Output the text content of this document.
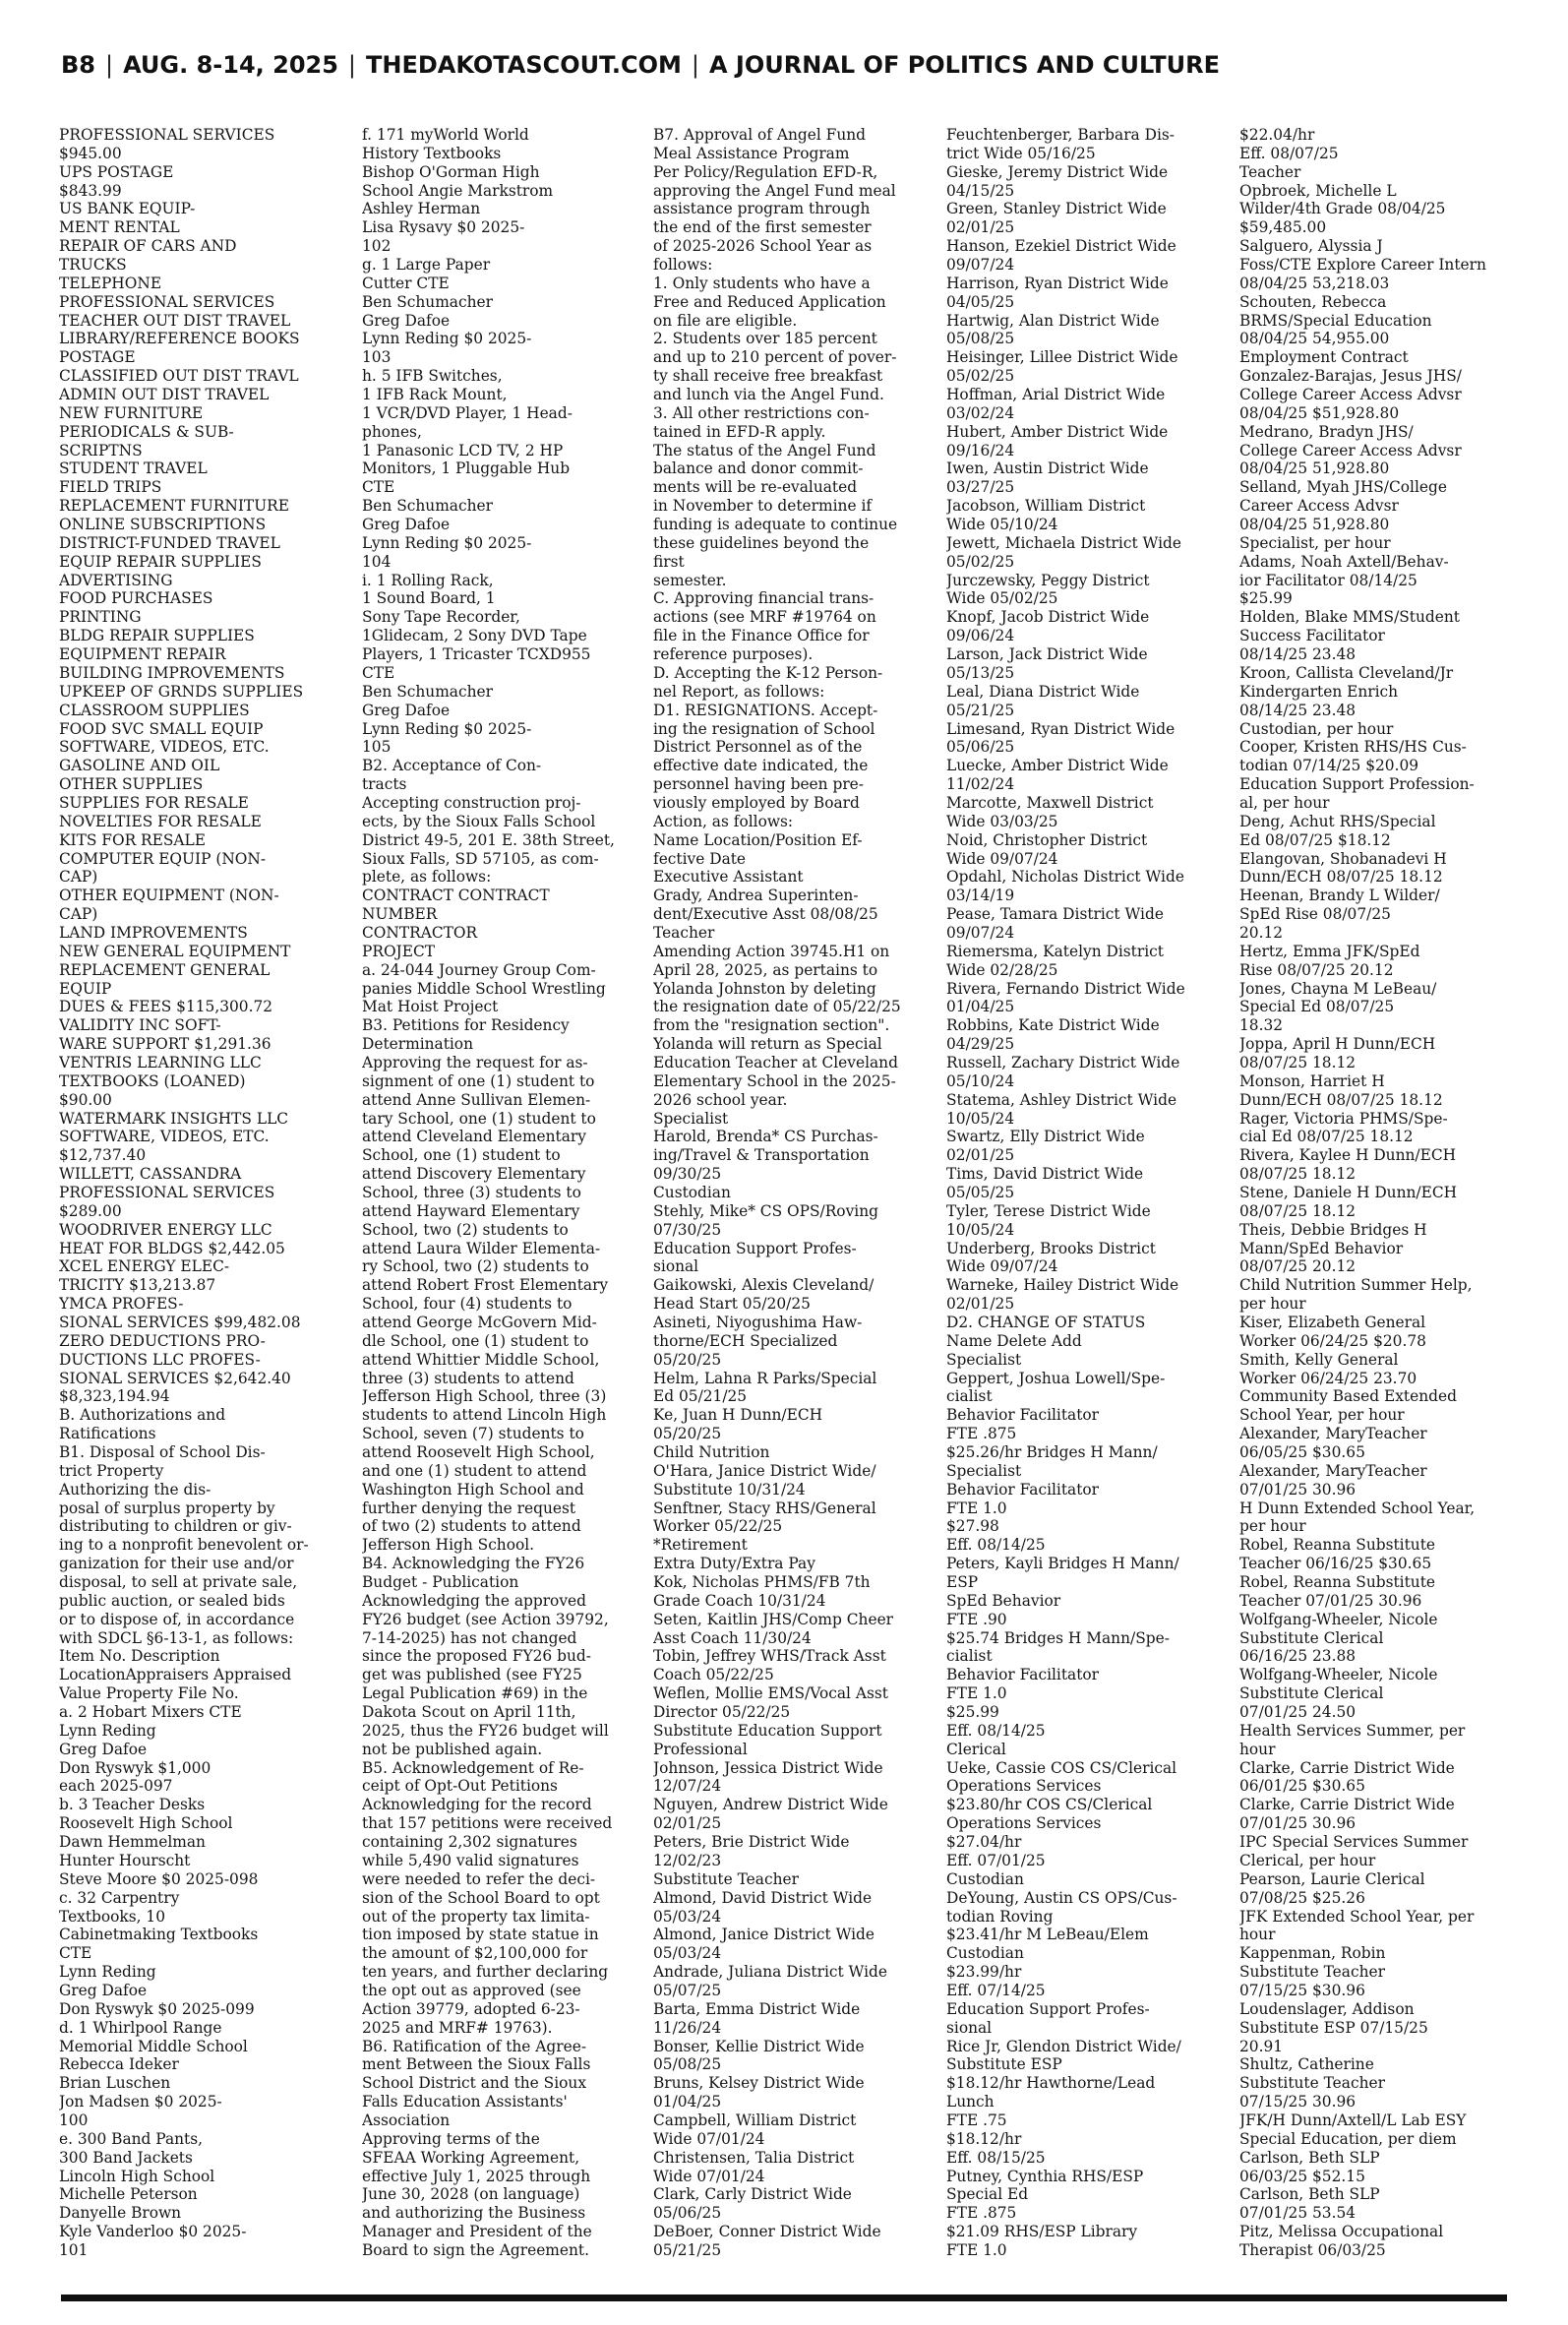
B8 | AUG. 8-14, 2025 | THEDAKOTASCOUT.COM | A JOURNAL OF POLITICS AND CULTURE
PROFESSIONAL SERVICES
$945.00
UPS POSTAGE
$843.99
US BANK EQUIP-
MENT RENTAL
REPAIR OF CARS AND
TRUCKS
TELEPHONE
PROFESSIONAL SERVICES
TEACHER OUT DIST TRAVEL
LIBRARY/REFERENCE BOOKS
POSTAGE
CLASSIFIED OUT DIST TRAVL
ADMIN OUT DIST TRAVEL
NEW FURNITURE
PERIODICALS & SUB-
SCRIPTNS
STUDENT TRAVEL
FIELD TRIPS
REPLACEMENT FURNITURE
ONLINE SUBSCRIPTIONS
DISTRICT-FUNDED TRAVEL
EQUIP REPAIR SUPPLIES
ADVERTISING
FOOD PURCHASES
PRINTING
BLDG REPAIR SUPPLIES
EQUIPMENT REPAIR
BUILDING IMPROVEMENTS
UPKEEP OF GRNDS SUPPLIES
CLASSROOM SUPPLIES
FOOD SVC SMALL EQUIP
SOFTWARE, VIDEOS, ETC.
GASOLINE AND OIL
OTHER SUPPLIES
SUPPLIES FOR RESALE
NOVELTIES FOR RESALE
KITS FOR RESALE
COMPUTER EQUIP (NON-
CAP)
OTHER EQUIPMENT (NON-
CAP)
LAND IMPROVEMENTS
NEW GENERAL EQUIPMENT
REPLACEMENT GENERAL
EQUIP
DUES & FEES $115,300.72
VALIDITY INC SOFT-
WARE SUPPORT $1,291.36
VENTRIS LEARNING LLC
TEXTBOOKS (LOANED)
$90.00
WATERMARK INSIGHTS LLC
SOFTWARE, VIDEOS, ETC.
$12,737.40
WILLETT, CASSANDRA
PROFESSIONAL SERVICES
$289.00
WOODRIVER ENERGY LLC
HEAT FOR BLDGS $2,442.05
XCEL ENERGY ELEC-
TRICITY $13,213.87
YMCA PROFES-
SIONAL SERVICES $99,482.08
ZERO DEDUCTIONS PRO-
DUCTIONS LLC PROFES-
SIONAL SERVICES $2,642.40
$8,323,194.94
B. Authorizations and
Ratifications
B1. Disposal of School Dis-
trict Property
Authorizing the dis-
posal of surplus property by
distributing to children or giv-
ing to a nonprofit benevolent or-
ganization for their use and/or
disposal, to sell at private sale,
public auction, or sealed bids
or to dispose of, in accordance
with SDCL §6-13-1, as follows:
Item No. Description
LocationAppraisers Appraised
Value Property File No.
a. 2 Hobart Mixers CTE
Lynn Reding
Greg Dafoe
Don Ryswyk $1,000
each 2025-097
b. 3 Teacher Desks
Roosevelt High School
Dawn Hemmelman
Hunter Hourscht
Steve Moore $0 2025-098
c. 32 Carpentry
Textbooks, 10
Cabinetmaking Textbooks
CTE
Lynn Reding
Greg Dafoe
Don Ryswyk $0 2025-099
d. 1 Whirlpool Range
Memorial Middle School
Rebecca Ideker
Brian Luschen
Jon Madsen $0 2025-
100
e. 300 Band Pants,
300 Band Jackets
Lincoln High School
Michelle Peterson
Danyelle Brown
Kyle Vanderloo $0 2025-
101
f. 171 myWorld World
History Textbooks
Bishop O'Gorman High
School Angie Markstrom
Ashley Herman
Lisa Rysavy $0 2025-
102
g. 1 Large Paper
Cutter CTE
Ben Schumacher
Greg Dafoe
Lynn Reding $0 2025-
103
h. 5 IFB Switches,
1 IFB Rack Mount,
1 VCR/DVD Player, 1 Head-
phones,
1 Panasonic LCD TV, 2 HP
Monitors, 1 Pluggable Hub
CTE
Ben Schumacher
Greg Dafoe
Lynn Reding $0 2025-
104
i. 1 Rolling Rack,
1 Sound Board, 1
Sony Tape Recorder,
1Glidecam, 2 Sony DVD Tape
Players, 1 Tricaster TCXD955
CTE
Ben Schumacher
Greg Dafoe
Lynn Reding $0 2025-
105
B2. Acceptance of Con-
tracts
Accepting construction proj-
ects, by the Sioux Falls School
District 49-5, 201 E. 38th Street,
Sioux Falls, SD 57105, as com-
plete, as follows:
CONTRACT CONTRACT
NUMBER
CONTRACTOR
PROJECT
a. 24-044 Journey Group Com-
panies Middle School Wrestling
Mat Hoist Project
B3. Petitions for Residency
Determination
Approving the request for as-
signment of one (1) student to
attend Anne Sullivan Elemen-
tary School, one (1) student to
attend Cleveland Elementary
School, one (1) student to
attend Discovery Elementary
School, three (3) students to
attend Hayward Elementary
School, two (2) students to
attend Laura Wilder Elementa-
ry School, two (2) students to
attend Robert Frost Elementary
School, four (4) students to
attend George McGovern Mid-
dle School, one (1) student to
attend Whittier Middle School,
three (3) students to attend
Jefferson High School, three (3)
students to attend Lincoln High
School, seven (7) students to
attend Roosevelt High School,
and one (1) student to attend
Washington High School and
further denying the request
of two (2) students to attend
Jefferson High School.
B4. Acknowledging the FY26
Budget - Publication
Acknowledging the approved
FY26 budget (see Action 39792,
7-14-2025) has not changed
since the proposed FY26 bud-
get was published (see FY25
Legal Publication #69) in the
Dakota Scout on April 11th,
2025, thus the FY26 budget will
not be published again.
B5. Acknowledgement of Re-
ceipt of Opt-Out Petitions
Acknowledging for the record
that 157 petitions were received
containing 2,302 signatures
while 5,490 valid signatures
were needed to refer the deci-
sion of the School Board to opt
out of the property tax limita-
tion imposed by state statue in
the amount of $2,100,000 for
ten years, and further declaring
the opt out as approved (see
Action 39779, adopted 6-23-
2025 and MRF# 19763).
B6. Ratification of the Agree-
ment Between the Sioux Falls
School District and the Sioux
Falls Education Assistants'
Association
Approving terms of the
SFEAA Working Agreement,
effective July 1, 2025 through
June 30, 2028 (on language)
and authorizing the Business
Manager and President of the
Board to sign the Agreement.
B7. Approval of Angel Fund
Meal Assistance Program
Per Policy/Regulation EFD-R,
approving the Angel Fund meal
assistance program through
the end of the first semester
of 2025-2026 School Year as
follows:
1. Only students who have a
Free and Reduced Application
on file are eligible.
2. Students over 185 percent
and up to 210 percent of pover-
ty shall receive free breakfast
and lunch via the Angel Fund.
3. All other restrictions con-
tained in EFD-R apply.
The status of the Angel Fund
balance and donor commit-
ments will be re-evaluated
in November to determine if
funding is adequate to continue
these guidelines beyond the
first
semester.
C. Approving financial trans-
actions (see MRF #19764 on
file in the Finance Office for
reference purposes).
D. Accepting the K-12 Person-
nel Report, as follows:
D1. RESIGNATIONS. Accept-
ing the resignation of School
District Personnel as of the
effective date indicated, the
personnel having been pre-
viously employed by Board
Action, as follows:
Name Location/Position Ef-
fective Date
Executive Assistant
Grady, Andrea Superinten-
dent/Executive Asst 08/08/25
Teacher
Amending Action 39745.H1 on
April 28, 2025, as pertains to
Yolanda Johnston by deleting
the resignation date of 05/22/25
from the "resignation section".
Yolanda will return as Special
Education Teacher at Cleveland
Elementary School in the 2025-
2026 school year.
Specialist
Harold, Brenda* CS Purchas-
ing/Travel & Transportation
09/30/25
Custodian
Stehly, Mike* CS OPS/Roving
07/30/25
Education Support Profes-
sional
Gaikowski, Alexis Cleveland/
Head Start 05/20/25
Asineti, Niyogushima Haw-
thorne/ECH Specialized
05/20/25
Helm, Lahna R Parks/Special
Ed 05/21/25
Ke, Juan H Dunn/ECH
05/20/25
Child Nutrition
O'Hara, Janice District Wide/
Substitute 10/31/24
Senftner, Stacy RHS/General
Worker 05/22/25
*Retirement
Extra Duty/Extra Pay
Kok, Nicholas PHMS/FB 7th
Grade Coach 10/31/24
Seten, Kaitlin JHS/Comp Cheer
Asst Coach 11/30/24
Tobin, Jeffrey WHS/Track Asst
Coach 05/22/25
Weflen, Mollie EMS/Vocal Asst
Director 05/22/25
Substitute Education Support
Professional
Johnson, Jessica District Wide
12/07/24
Nguyen, Andrew District Wide
02/01/25
Peters, Brie District Wide
12/02/23
Substitute Teacher
Almond, David District Wide
05/03/24
Almond, Janice District Wide
05/03/24
Andrade, Juliana District Wide
05/07/25
Barta, Emma District Wide
11/26/24
Bonser, Kellie District Wide
05/08/25
Bruns, Kelsey District Wide
01/04/25
Campbell, William District
Wide 07/01/24
Christensen, Talia District
Wide 07/01/24
Clark, Carly District Wide
05/06/25
DeBoer, Conner District Wide
05/21/25
Feuchtenberger, Barbara Dis-
trict Wide 05/16/25
Gieske, Jeremy District Wide
04/15/25
Green, Stanley District Wide
02/01/25
Hanson, Ezekiel District Wide
09/07/24
Harrison, Ryan District Wide
04/05/25
Hartwig, Alan District Wide
05/08/25
Heisinger, Lillee District Wide
05/02/25
Hoffman, Arial District Wide
03/02/24
Hubert, Amber District Wide
09/16/24
Iwen, Austin District Wide
03/27/25
Jacobson, William District
Wide 05/10/24
Jewett, Michaela District Wide
05/02/25
Jurczewsky, Peggy District
Wide 05/02/25
Knopf, Jacob District Wide
09/06/24
Larson, Jack District Wide
05/13/25
Leal, Diana District Wide
05/21/25
Limesand, Ryan District Wide
05/06/25
Luecke, Amber District Wide
11/02/24
Marcotte, Maxwell District
Wide 03/03/25
Noid, Christopher District
Wide 09/07/24
Opdahl, Nicholas District Wide
03/14/19
Pease, Tamara District Wide
09/07/24
Riemersma, Katelyn District
Wide 02/28/25
Rivera, Fernando District Wide
01/04/25
Robbins, Kate District Wide
04/29/25
Russell, Zachary District Wide
05/10/24
Statema, Ashley District Wide
10/05/24
Swartz, Elly District Wide
02/01/25
Tims, David District Wide
05/05/25
Tyler, Terese District Wide
10/05/24
Underberg, Brooks District
Wide 09/07/24
Warneke, Hailey District Wide
02/01/25
D2. CHANGE OF STATUS
Name Delete Add
Specialist
Geppert, Joshua Lowell/Spe-
cialist
Behavior Facilitator
FTE .875
$25.26/hr Bridges H Mann/
Specialist
Behavior Facilitator
FTE 1.0
$27.98
Eff. 08/14/25
Peters, Kayli Bridges H Mann/
ESP
SpEd Behavior
FTE .90
$25.74 Bridges H Mann/Spe-
cialist
Behavior Facilitator
FTE 1.0
$25.99
Eff. 08/14/25
Clerical
Ueke, Cassie COS CS/Clerical
Operations Services
$23.80/hr COS CS/Clerical
Operations Services
$27.04/hr
Eff. 07/01/25
Custodian
DeYoung, Austin CS OPS/Cus-
todian Roving
$23.41/hr M LeBeau/Elem
Custodian
$23.99/hr
Eff. 07/14/25
Education Support Profes-
sional
Rice Jr, Glendon District Wide/
Substitute ESP
$18.12/hr Hawthorne/Lead
Lunch
FTE .75
$18.12/hr
Eff. 08/15/25
Putney, Cynthia RHS/ESP
Special Ed
FTE .875
$21.09 RHS/ESP Library
FTE 1.0
$22.04/hr
Eff. 08/07/25
Teacher
Opbroek, Michelle L
Wilder/4th Grade 08/04/25
$59,485.00
Salguero, Alyssia J
Foss/CTE Explore Career Intern
08/04/25 53,218.03
Schouten, Rebecca
BRMS/Special Education
08/04/25 54,955.00
Employment Contract
Gonzalez-Barajas, Jesus JHS/
College Career Access Advsr
08/04/25 $51,928.80
Medrano, Bradyn JHS/
College Career Access Advsr
08/04/25 51,928.80
Selland, Myah JHS/College
Career Access Advsr
08/04/25 51,928.80
Specialist, per hour
Adams, Noah Axtell/Behav-
ior Facilitator 08/14/25
$25.99
Holden, Blake MMS/Student
Success Facilitator
08/14/25 23.48
Kroon, Callista Cleveland/Jr
Kindergarten Enrich
08/14/25 23.48
Custodian, per hour
Cooper, Kristen RHS/HS Cus-
todian 07/14/25 $20.09
Education Support Profession-
al, per hour
Deng, Achut RHS/Special
Ed 08/07/25 $18.12
Elangovan, Shobanadevi H
Dunn/ECH 08/07/25 18.12
Heenan, Brandy L Wilder/
SpEd Rise 08/07/25
20.12
Hertz, Emma JFK/SpEd
Rise 08/07/25 20.12
Jones, Chayna M LeBeau/
Special Ed 08/07/25
18.32
Joppa, April H Dunn/ECH
08/07/25 18.12
Monson, Harriet H
Dunn/ECH 08/07/25 18.12
Rager, Victoria PHMS/Spe-
cial Ed 08/07/25 18.12
Rivera, Kaylee H Dunn/ECH
08/07/25 18.12
Stene, Daniele H Dunn/ECH
08/07/25 18.12
Theis, Debbie Bridges H
Mann/SpEd Behavior
08/07/25 20.12
Child Nutrition Summer Help,
per hour
Kiser, Elizabeth General
Worker 06/24/25 $20.78
Smith, Kelly General
Worker 06/24/25 23.70
Community Based Extended
School Year, per hour
Alexander, MaryTeacher
06/05/25 $30.65
Alexander, MaryTeacher
07/01/25 30.96
H Dunn Extended School Year,
per hour
Robel, Reanna Substitute
Teacher 06/16/25 $30.65
Robel, Reanna Substitute
Teacher 07/01/25 30.96
Wolfgang-Wheeler, Nicole
Substitute Clerical
06/16/25 23.88
Wolfgang-Wheeler, Nicole
Substitute Clerical
07/01/25 24.50
Health Services Summer, per
hour
Clarke, Carrie District Wide
06/01/25 $30.65
Clarke, Carrie District Wide
07/01/25 30.96
IPC Special Services Summer
Clerical, per hour
Pearson, Laurie Clerical
07/08/25 $25.26
JFK Extended School Year, per
hour
Kappenman, Robin
Substitute Teacher
07/15/25 $30.96
Loudenslager, Addison
Substitute ESP 07/15/25
20.91
Shultz, Catherine
Substitute Teacher
07/15/25 30.96
JFK/H Dunn/Axtell/L Lab ESY
Special Education, per diem
Carlson, Beth SLP
06/03/25 $52.15
Carlson, Beth SLP
07/01/25 53.54
Pitz, Melissa Occupational
Therapist 06/03/25
